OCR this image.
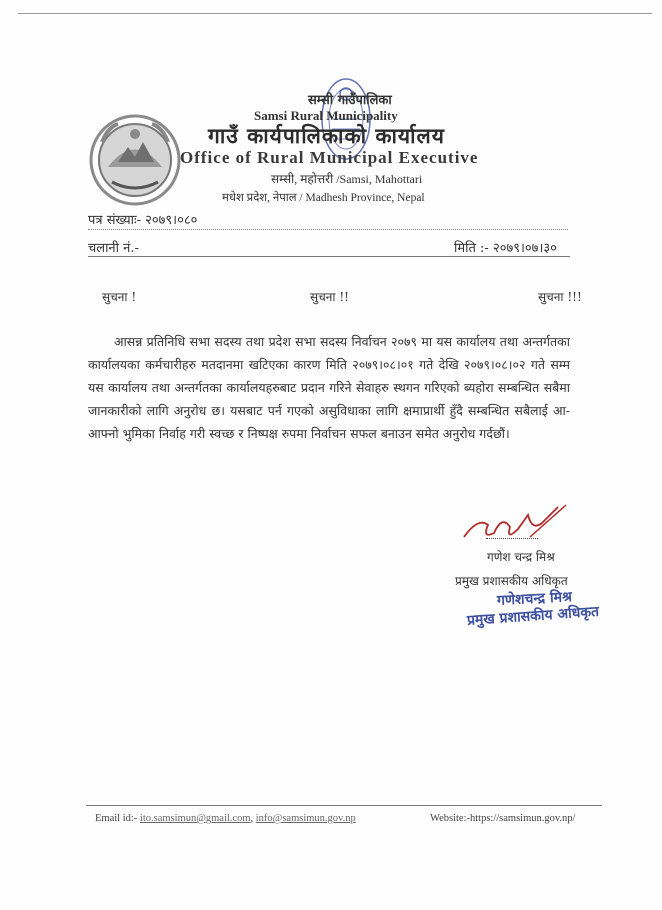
सम्सी गाउँपालिका
Samsi Rural Municipality
गाउँ कार्यपालिकाको कार्यालय
Office of Rural Municipal Executive
सम्सी, महोत्तरी /Samsi, Mahottari
मधेश प्रदेश, नेपाल / Madhesh Province, Nepal
पत्र संख्याः- २०७९।०८०
चलानी नं.-	मिति :- २०७९।०७।३०
सुचना !	सुचना !!	सुचना !!!
आसन्न प्रतिनिधि सभा सदस्य तथा प्रदेश सभा सदस्य निर्वाचन २०७९ मा यस कार्यालय तथा अन्तर्गतका कार्यालयका कर्मचारीहरु मतदानमा खटिएका कारण मिति २०७९।०८।०१ गते देखि २०७९।०८।०२ गते सम्म यस कार्यालय तथा अन्तर्गतका कार्यालयहरुबाट प्रदान गरिने सेवाहरु स्थगन गरिएको ब्यहोरा सम्बन्धित सबैमा जानकारीको लागि अनुरोध छ। यसबाट पर्न गएको असुविधाका लागि क्षमाप्रार्थी हुँदै सम्बन्धित सबैलाई आ-आफ्नो भुमिका निर्वाह गरी स्वच्छ र निष्पक्ष रुपमा निर्वाचन सफल बनाउन समेत अनुरोध गर्दछौं।
गणेश चन्द्र मिश्र
प्रमुख प्रशासकीय अधिकृत
गणेशचन्द्र मिश्र
प्रमुख प्रशासकीय अधिकृत
Email id:- ito.samsimun@gmail.com, info@samsimun.gov.np	Website:-https://samsimun.gov.np/
